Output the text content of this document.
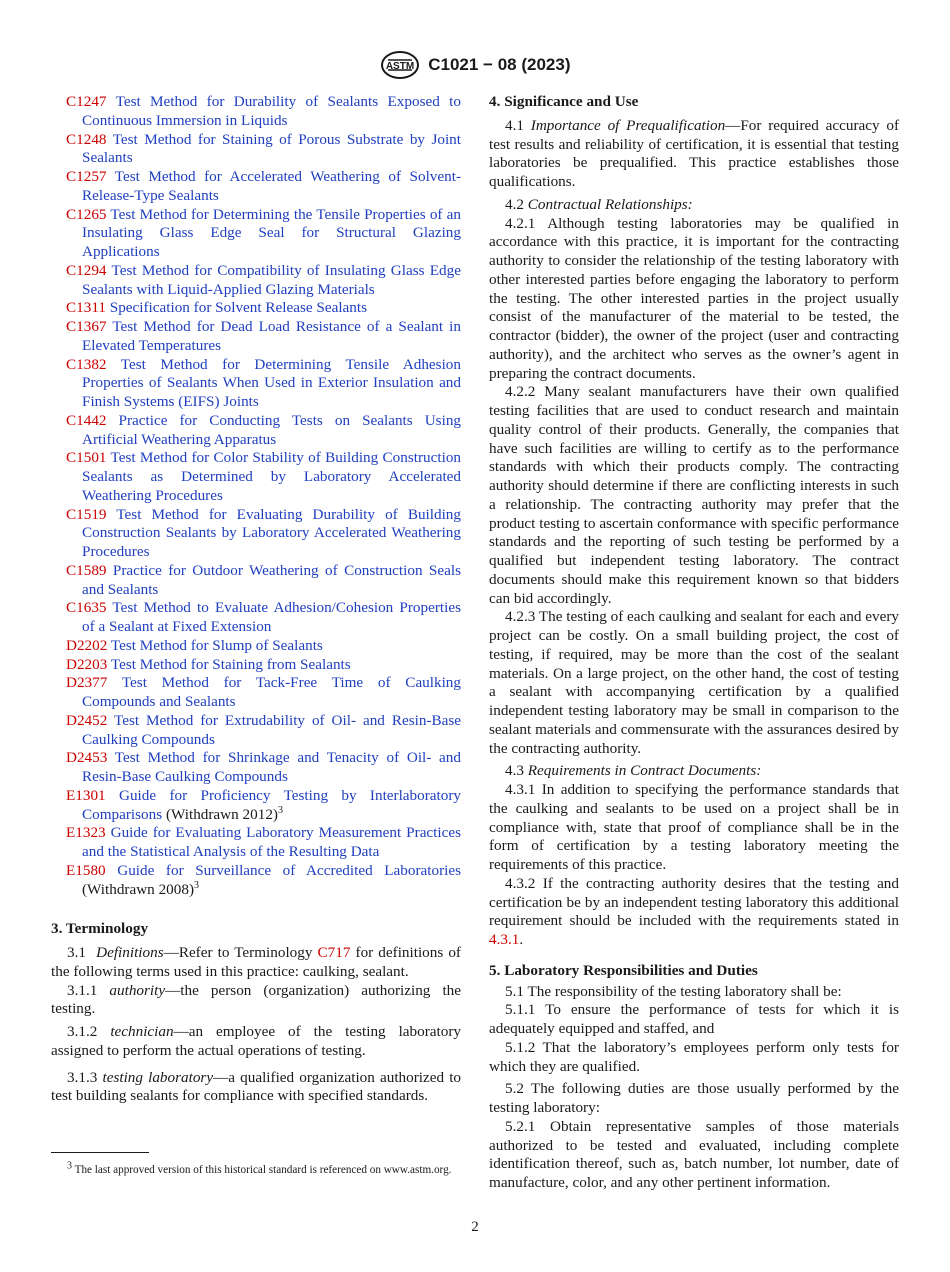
ASTM C1021 − 08 (2023)
C1247 Test Method for Durability of Sealants Exposed to Continuous Immersion in Liquids
C1248 Test Method for Staining of Porous Substrate by Joint Sealants
C1257 Test Method for Accelerated Weathering of Solvent-Release-Type Sealants
C1265 Test Method for Determining the Tensile Properties of an Insulating Glass Edge Seal for Structural Glazing Applications
C1294 Test Method for Compatibility of Insulating Glass Edge Sealants with Liquid-Applied Glazing Materials
C1311 Specification for Solvent Release Sealants
C1367 Test Method for Dead Load Resistance of a Sealant in Elevated Temperatures
C1382 Test Method for Determining Tensile Adhesion Properties of Sealants When Used in Exterior Insulation and Finish Systems (EIFS) Joints
C1442 Practice for Conducting Tests on Sealants Using Artificial Weathering Apparatus
C1501 Test Method for Color Stability of Building Construction Sealants as Determined by Laboratory Accelerated Weathering Procedures
C1519 Test Method for Evaluating Durability of Building Construction Sealants by Laboratory Accelerated Weathering Procedures
C1589 Practice for Outdoor Weathering of Construction Seals and Sealants
C1635 Test Method to Evaluate Adhesion/Cohesion Properties of a Sealant at Fixed Extension
D2202 Test Method for Slump of Sealants
D2203 Test Method for Staining from Sealants
D2377 Test Method for Tack-Free Time of Caulking Compounds and Sealants
D2452 Test Method for Extrudability of Oil- and Resin-Base Caulking Compounds
D2453 Test Method for Shrinkage and Tenacity of Oil- and Resin-Base Caulking Compounds
E1301 Guide for Proficiency Testing by Interlaboratory Comparisons (Withdrawn 2012)$^3$
E1323 Guide for Evaluating Laboratory Measurement Practices and the Statistical Analysis of the Resulting Data
E1580 Guide for Surveillance of Accredited Laboratories (Withdrawn 2008)$^3$

3. Terminology

3.1 Definitions—Refer to Terminology C717 for definitions of the following terms used in this practice: caulking, sealant.

3.1.1 authority—the person (organization) authorizing the testing.

3.1.2 technician—an employee of the testing laboratory assigned to perform the actual operations of testing.

3.1.3 testing laboratory—a qualified organization authorized to test building sealants for compliance with specified standards.

$^3$ The last approved version of this historical standard is referenced on www.astm.org.

4. Significance and Use

4.1 Importance of Prequalification—For required accuracy of test results and reliability of certification, it is essential that testing laboratories be prequalified. This practice establishes those qualifications.

4.2 Contractual Relationships:

4.2.1 Although testing laboratories may be qualified in accordance with this practice, it is important for the contracting authority to consider the relationship of the testing laboratory with other interested parties before engaging the laboratory to perform the testing. The other interested parties in the project usually consist of the manufacturer of the material to be tested, the contractor (bidder), the owner of the project (user and contracting authority), and the architect who serves as the owner’s agent in preparing the contract documents.

4.2.2 Many sealant manufacturers have their own qualified testing facilities that are used to conduct research and maintain quality control of their products. Generally, the companies that have such facilities are willing to certify as to the performance standards with which their products comply. The contracting authority should determine if there are conflicting interests in such a relationship. The contracting authority may prefer that the product testing to ascertain conformance with specific performance standards and the reporting of such testing be performed by a qualified but independent testing laboratory. The contract documents should make this requirement known so that bidders can bid accordingly.

4.2.3 The testing of each caulking and sealant for each and every project can be costly. On a small building project, the cost of testing, if required, may be more than the cost of the sealant materials. On a large project, on the other hand, the cost of testing a sealant with accompanying certification by a qualified independent testing laboratory may be small in comparison to the sealant materials and commensurate with the assurances desired by the contracting authority.

4.3 Requirements in Contract Documents:

4.3.1 In addition to specifying the performance standards that the caulking and sealants to be used on a project shall be in compliance with, state that proof of compliance shall be in the form of certification by a testing laboratory meeting the requirements of this practice.

4.3.2 If the contracting authority desires that the testing and certification be by an independent testing laboratory this additional requirement should be included with the requirements stated in 4.3.1.

5. Laboratory Responsibilities and Duties

5.1 The responsibility of the testing laboratory shall be:

5.1.1 To ensure the performance of tests for which it is adequately equipped and staffed, and

5.1.2 That the laboratory’s employees perform only tests for which they are qualified.

5.2 The following duties are those usually performed by the testing laboratory:

5.2.1 Obtain representative samples of those materials authorized to be tested and evaluated, including complete identification thereof, such as, batch number, lot number, date of manufacture, color, and any other pertinent information.

2
